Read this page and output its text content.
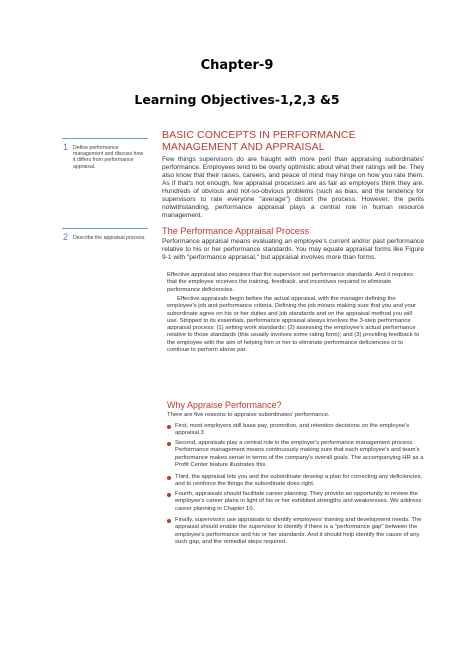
Chapter-9
Learning Objectives-1,2,3 &5
1 Define performance management and discuss how it differs from performance appraisal.
2 Describe the appraisal process.
BASIC CONCEPTS IN PERFORMANCE MANAGEMENT AND APPRAISAL
Few things supervisors do are fraught with more peril than appraising subordinates' performance. Employees tend to be overly optimistic about what their ratings will be. They also know that their raises, careers, and peace of mind may hinge on how you rate them. As if that's not enough, few appraisal processes are as fair as employers think they are. Hundreds of obvious and not-so-obvious problems (such as bias, and the tendency for supervisors to rate everyone "average") distort the process. However, the perils notwithstanding, performance appraisal plays a central role in human resource management.
The Performance Appraisal Process
Performance appraisal means evaluating an employee's current and/or past performance relative to his or her performance standards. You may equate appraisal forms like Figure 9-1 with "performance appraisal," but appraisal involves more than forms.
Effective appraisal also requires that the supervisor set performance standards. And it requires that the employee receives the training, feedback, and incentives required to eliminate performance deficiencies.
Effective appraisals begin before the actual appraisal, with the manager defining the employee's job and performance criteria. Defining the job means making sure that you and your subordinate agree on his or her duties and job standards and on the appraisal method you will use. Stripped to its essentials, performance appraisal always involves the 3-step performance appraisal process: (1) setting work standards; (2) assessing the employee's actual performance relative to those standards (this usually involves some rating form); and (3) providing feedback to the employee with the aim of helping him or her to eliminate performance deficiencies or to continue to perform above par.
Why Appraise Performance?
There are five reasons to appraise subordinates' performance.
First, most employers still base pay, promotion, and retention decisions on the employee's appraisal.3
Second, appraisals play a central role in the employer's performance management process. Performance management means continuously making sure that each employee's and team's performance makes sense in terms of the company's overall goals. The accompanying HR as a Profit Center feature illustrates this.
Third, the appraisal lets you and the subordinate develop a plan for correcting any deficiencies, and to reinforce the things the subordinate does right.
Fourth, appraisals should facilitate career planning. They provide an opportunity to review the employee's career plans in light of his or her exhibited strengths and weaknesses. We address career planning in Chapter 10.
Finally, supervisors use appraisals to identify employees' training and development needs. The appraisal should enable the supervisor to identify if there is a "performance gap" between the employee's performance and his or her standards. And it should help identify the cause of any such gap, and the remedial steps required.
